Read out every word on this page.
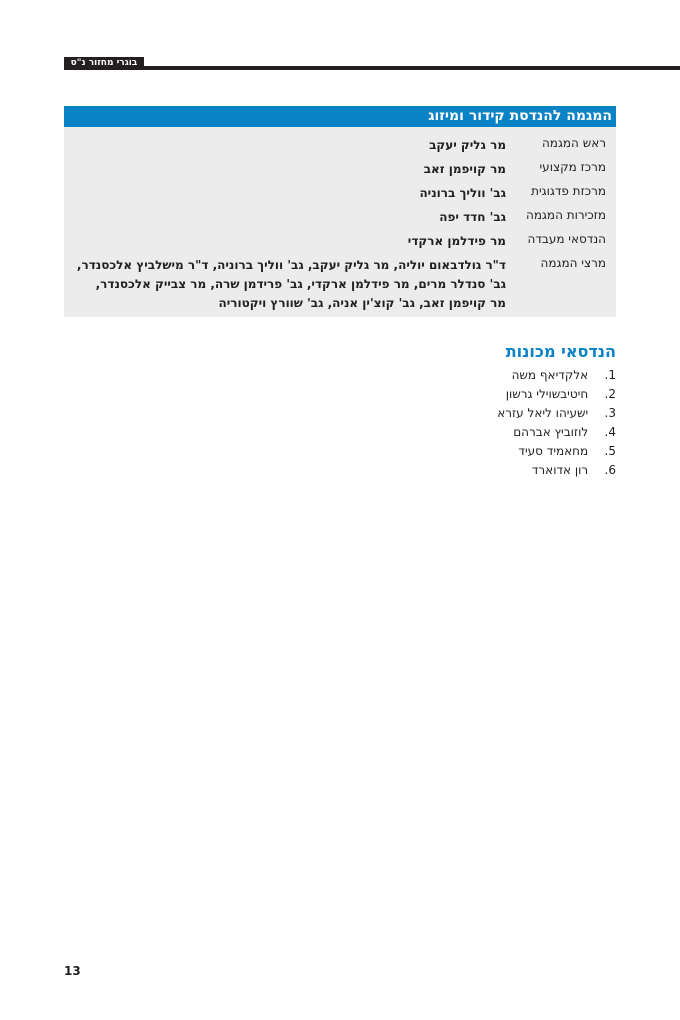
בוגרי מחזור נ"ס
המגמה להנדסת קידור ומיזוג
ראש המגמה
מר גליק יעקב
מרכז מקצועי
מר קויפמן זאב
מרכזת פדגוגית
גב' ווליך ברוניה
מזכירות המגמה
גב' חדד יפה
הנדסאי מעבדה
מר פידלמן ארקדי
מרצי המגמה
ד"ר גולדבאום יוליה, מר גליק יעקב, גב' ווליך ברוניה, ד"ר מישלביץ אלכסנדר,
גב' סנדלר מרים, מר פידלמן ארקדי, גב' פרידמן שרה, מר צבייק אלכסנדר,
מר קויפמן זאב, גב' קוצ'ין אניה, גב' שוורץ ויקטוריה
הנדסאי מכונות
1. אלקדיאף משה
2. חיטיבשוילי גרשון
3. ישעיהו ליאל עזרא
4. לוזוביץ אברהם
5. מחאמיד סעיד
6. רון אדוארד
13
